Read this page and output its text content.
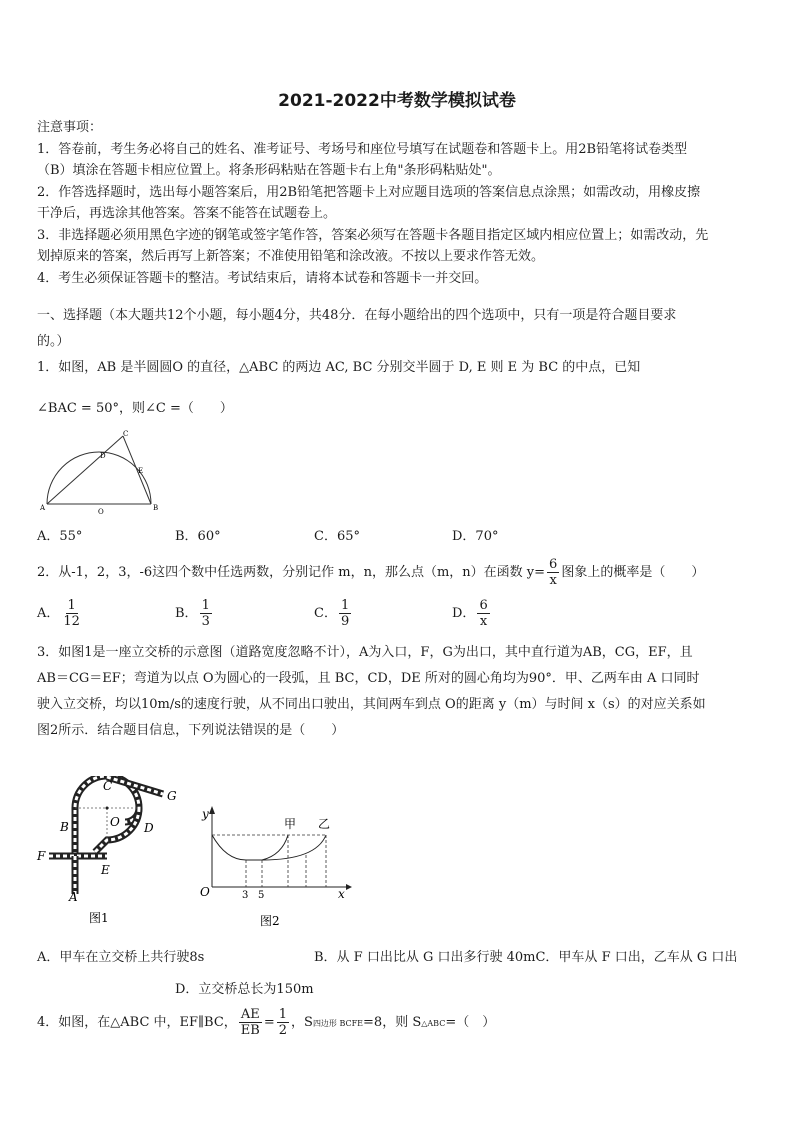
2021-2022中考数学模拟试卷

注意事项：

1．答卷前，考生务必将自己的姓名、准考证号、考场号和座位号填写在试题卷和答题卡上。用2B铅笔将试卷类型

（B）填涂在答题卡相应位置上。将条形码粘贴在答题卡右上角"条形码粘贴处"。

2．作答选择题时，选出每小题答案后，用2B铅笔把答题卡上对应题目选项的答案信息点涂黑；如需改动，用橡皮擦

干净后，再选涂其他答案。答案不能答在试题卷上。

3．非选择题必须用黑色字迹的钢笔或签字笔作答，答案必须写在答题卡各题目指定区域内相应位置上；如需改动，先

划掉原来的答案，然后再写上新答案；不准使用铅笔和涂改液。不按以上要求作答无效。

4．考生必须保证答题卡的整洁。考试结束后，请将本试卷和答题卡一并交回。

一、选择题（本大题共12个小题，每小题4分，共48分．在每小题给出的四个选项中，只有一项是符合题目要求

的。）

1．如图，AB 是半圆圆O 的直径，△ABC 的两边 AC, BC 分别交半圆于 D, E 则 E 为 BC 的中点，已知

∠BAC = 50°，则∠C =（　　）

A	O	B
C
D
E
A．55°	B．60°	C．65°	D．70°
2．从-1，2，3，-6这四个数中任选两数，分别记作 m，n，那么点（m，n）在函数 $y= \frac{6}{x}$ 图象上的概率是（　　）
A． $\frac{1}{12}$	B． $\frac{1}{3}$	C． $\frac{1}{9}$	D． $\frac{6}{x}$

3．如图1是一座立交桥的示意图（道路宽度忽略不计），A为入口，F，G为出口，其中直行道为AB，CG，EF，且

AB＝CG＝EF；弯道为以点 O为圆心的一段弧，且 BC，CD，DE 所对的圆心角均为90°．甲、乙两车由 A 口同时

驶入立交桥，均以10m/s的速度行驶，从不同出口驶出，其间两车到点 O的距离 y（m）与时间 x（s）的对应关系如

图2所示．结合题目信息，下列说法错误的是（　　）

C
G
B	O D
F
E
A
图1
y
甲 乙
O	3 5	x
图2
A．甲车在立交桥上共行驶8s	B．从 F 口出比从 G 口出多行驶 40mC．甲车从 F 口出，乙车从 G 口出
D．立交桥总长为150m
4．如图，在△ABC 中，EF∥BC， $\frac{AE}{EB} = \frac{1}{2}$ ，S四边形 BCFE=8，则 S△ABC=（　）
